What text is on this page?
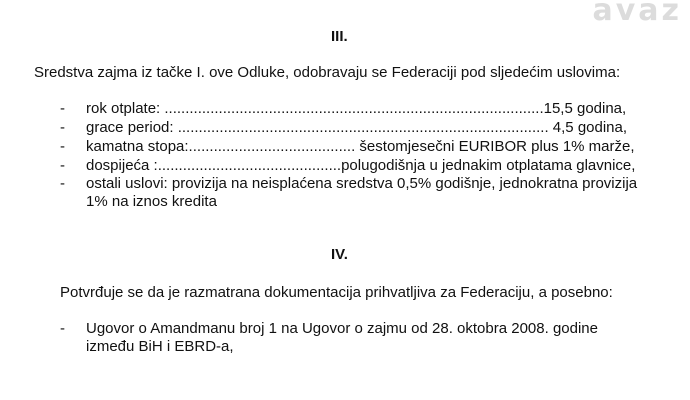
avaz
III.
Sredstva zajma iz tačke I. ove Odluke, odobravaju se Federaciji pod sljedećim uslovima:
- rok otplate: ...........................................................................................15,5 godina,
- grace period: ......................................................................................... 4,5 godina,
- kamatna stopa:........................................ šestomjesečni EURIBOR plus 1% marže,
- dospijeća :............................................polugodišnja u jednakim otplatama glavnice,
- ostali uslovi: provizija na neisplaćena sredstva 0,5% godišnje, jednokratna provizija
1% na iznos kredita
IV.
Potvrđuje se da je razmatrana dokumentacija prihvatljiva za Federaciju, a posebno:
- Ugovor o Amandmanu broj 1 na Ugovor o zajmu od 28. oktobra 2008. godine
između BiH i EBRD-a,
